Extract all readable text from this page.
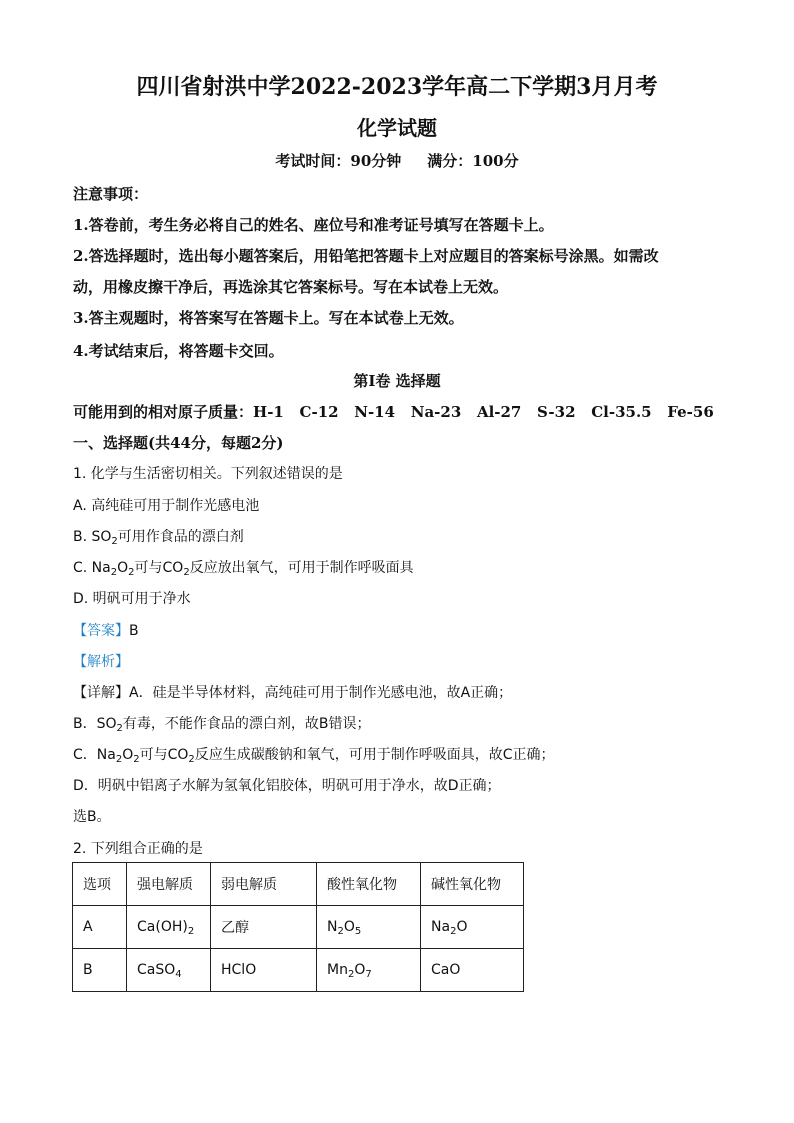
四川省射洪中学2022-2023学年高二下学期3月月考
化学试题
考试时间：90分钟 满分：100分
注意事项：
1.答卷前，考生务必将自己的姓名、座位号和准考证号填写在答题卡上。
2.答选择题时，选出每小题答案后，用铅笔把答题卡上对应题目的答案标号涂黑。如需改
动，用橡皮擦干净后，再选涂其它答案标号。写在本试卷上无效。
3.答主观题时，将答案写在答题卡上。写在本试卷上无效。
4.考试结束后，将答题卡交回。
第I卷 选择题
可能用到的相对原子质量：H-1 C-12 N-14 Na-23 Al-27 S-32 Cl-35.5 Fe-56
一、选择题(共44分，每题2分)
1. 化学与生活密切相关。下列叙述错误的是
A. 高纯硅可用于制作光感电池
B. $SO_2$可用作食品的漂白剂
C. $Na_2O_2$可与$CO_2$反应放出氧气，可用于制作呼吸面具
D. 明矾可用于净水
【答案】B
【解析】
【详解】A．硅是半导体材料，高纯硅可用于制作光感电池，故A正确；
B．$SO_2$有毒，不能作食品的漂白剂，故B错误；
C．$Na_2O_2$可与$CO_2$反应生成碳酸钠和氧气，可用于制作呼吸面具，故C正确；
D．明矾中铝离子水解为氢氧化铝胶体，明矾可用于净水，故D正确；
选B。
2. 下列组合正确的是
选项	强电解质	弱电解质	酸性氧化物	碱性氧化物
A	$Ca(OH)_2$	乙醇	$N_2O_5$	$Na_2O$
B	CaSO$_4$	HClO	$Mn_2O_7$	CaO
